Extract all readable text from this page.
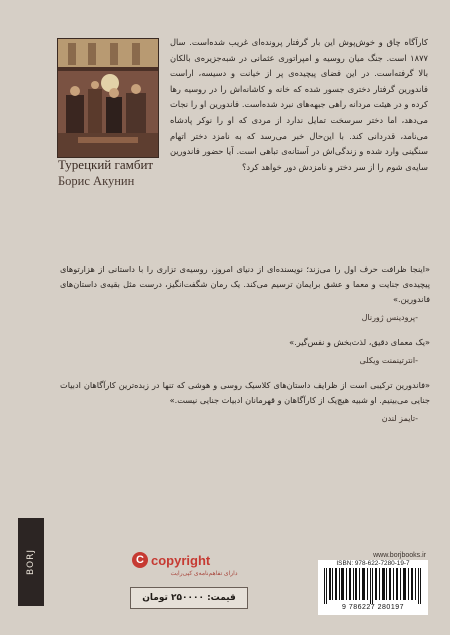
Турецкий гамбит

Борис Акунин

کارآگاه چاق و خوش‌پوش این بار گرفتار پرونده‌ای غریب شده‌است. سال ۱۸۷۷ است. جنگ میان روسیه و امپراتوری عثمانی در شبه‌جزیره‌ی بالکان بالا گرفته‌است. در این فضای پیچیده‌ی پر از خیانت و دسیسه، اراست فاندورین گرفتار دختری جسور شده که خانه و کاشانه‌اش را در روسیه رها کرده و در هیئت مردانه راهی جبهه‌های نبرد شده‌است. فاندورین او را نجات می‌دهد، اما دختر سرسخت تمایل ندارد از مردی که او را نوکر پادشاه می‌نامد، قدردانی کند. با این‌حال خبر می‌رسد که به نامزد دختر اتهام سنگینی وارد شده و زندگی‌اش در آستانه‌ی تباهی است. آیا حضور فاندورین سایه‌ی شوم را از سر دختر و نامزدش دور خواهد کرد؟

«اینجا ظرافت حرف اول را می‌زند؛ نویسنده‌ای از دنیای امروز، روسیه‌ی تزاری را با داستانی از هزارتوهای پیچیده‌ی جنایت و معما و عشق برایمان ترسیم می‌کند. یک رمان شگفت‌انگیز، درست مثل بقیه‌ی داستان‌های فاندورین.»

-پرودینس ژورنال

«یک معمای دقیق، لذت‌بخش و نفس‌گیر.»

-انترتینمنت ویکلی

«فاندورین ترکیبی است از ظرایف داستان‌های کلاسیک روسی و هوشی که تنها در زبده‌ترین کارآگاهان ادبیات جنایی می‌بینیم. او شبیه هیچ‌یک از کارآگاهان و قهرمانان ادبیات جنایی نیست.»

-تایمز لندن

BORJ	C copyright
دارای تفاهم‌نامه‌ی کپی‌رایت
قیمت: ۲۵۰۰۰۰ تومان
www.borjbooks.ir
ISBN: 978-622-7280-19-7
9 786227 280197
